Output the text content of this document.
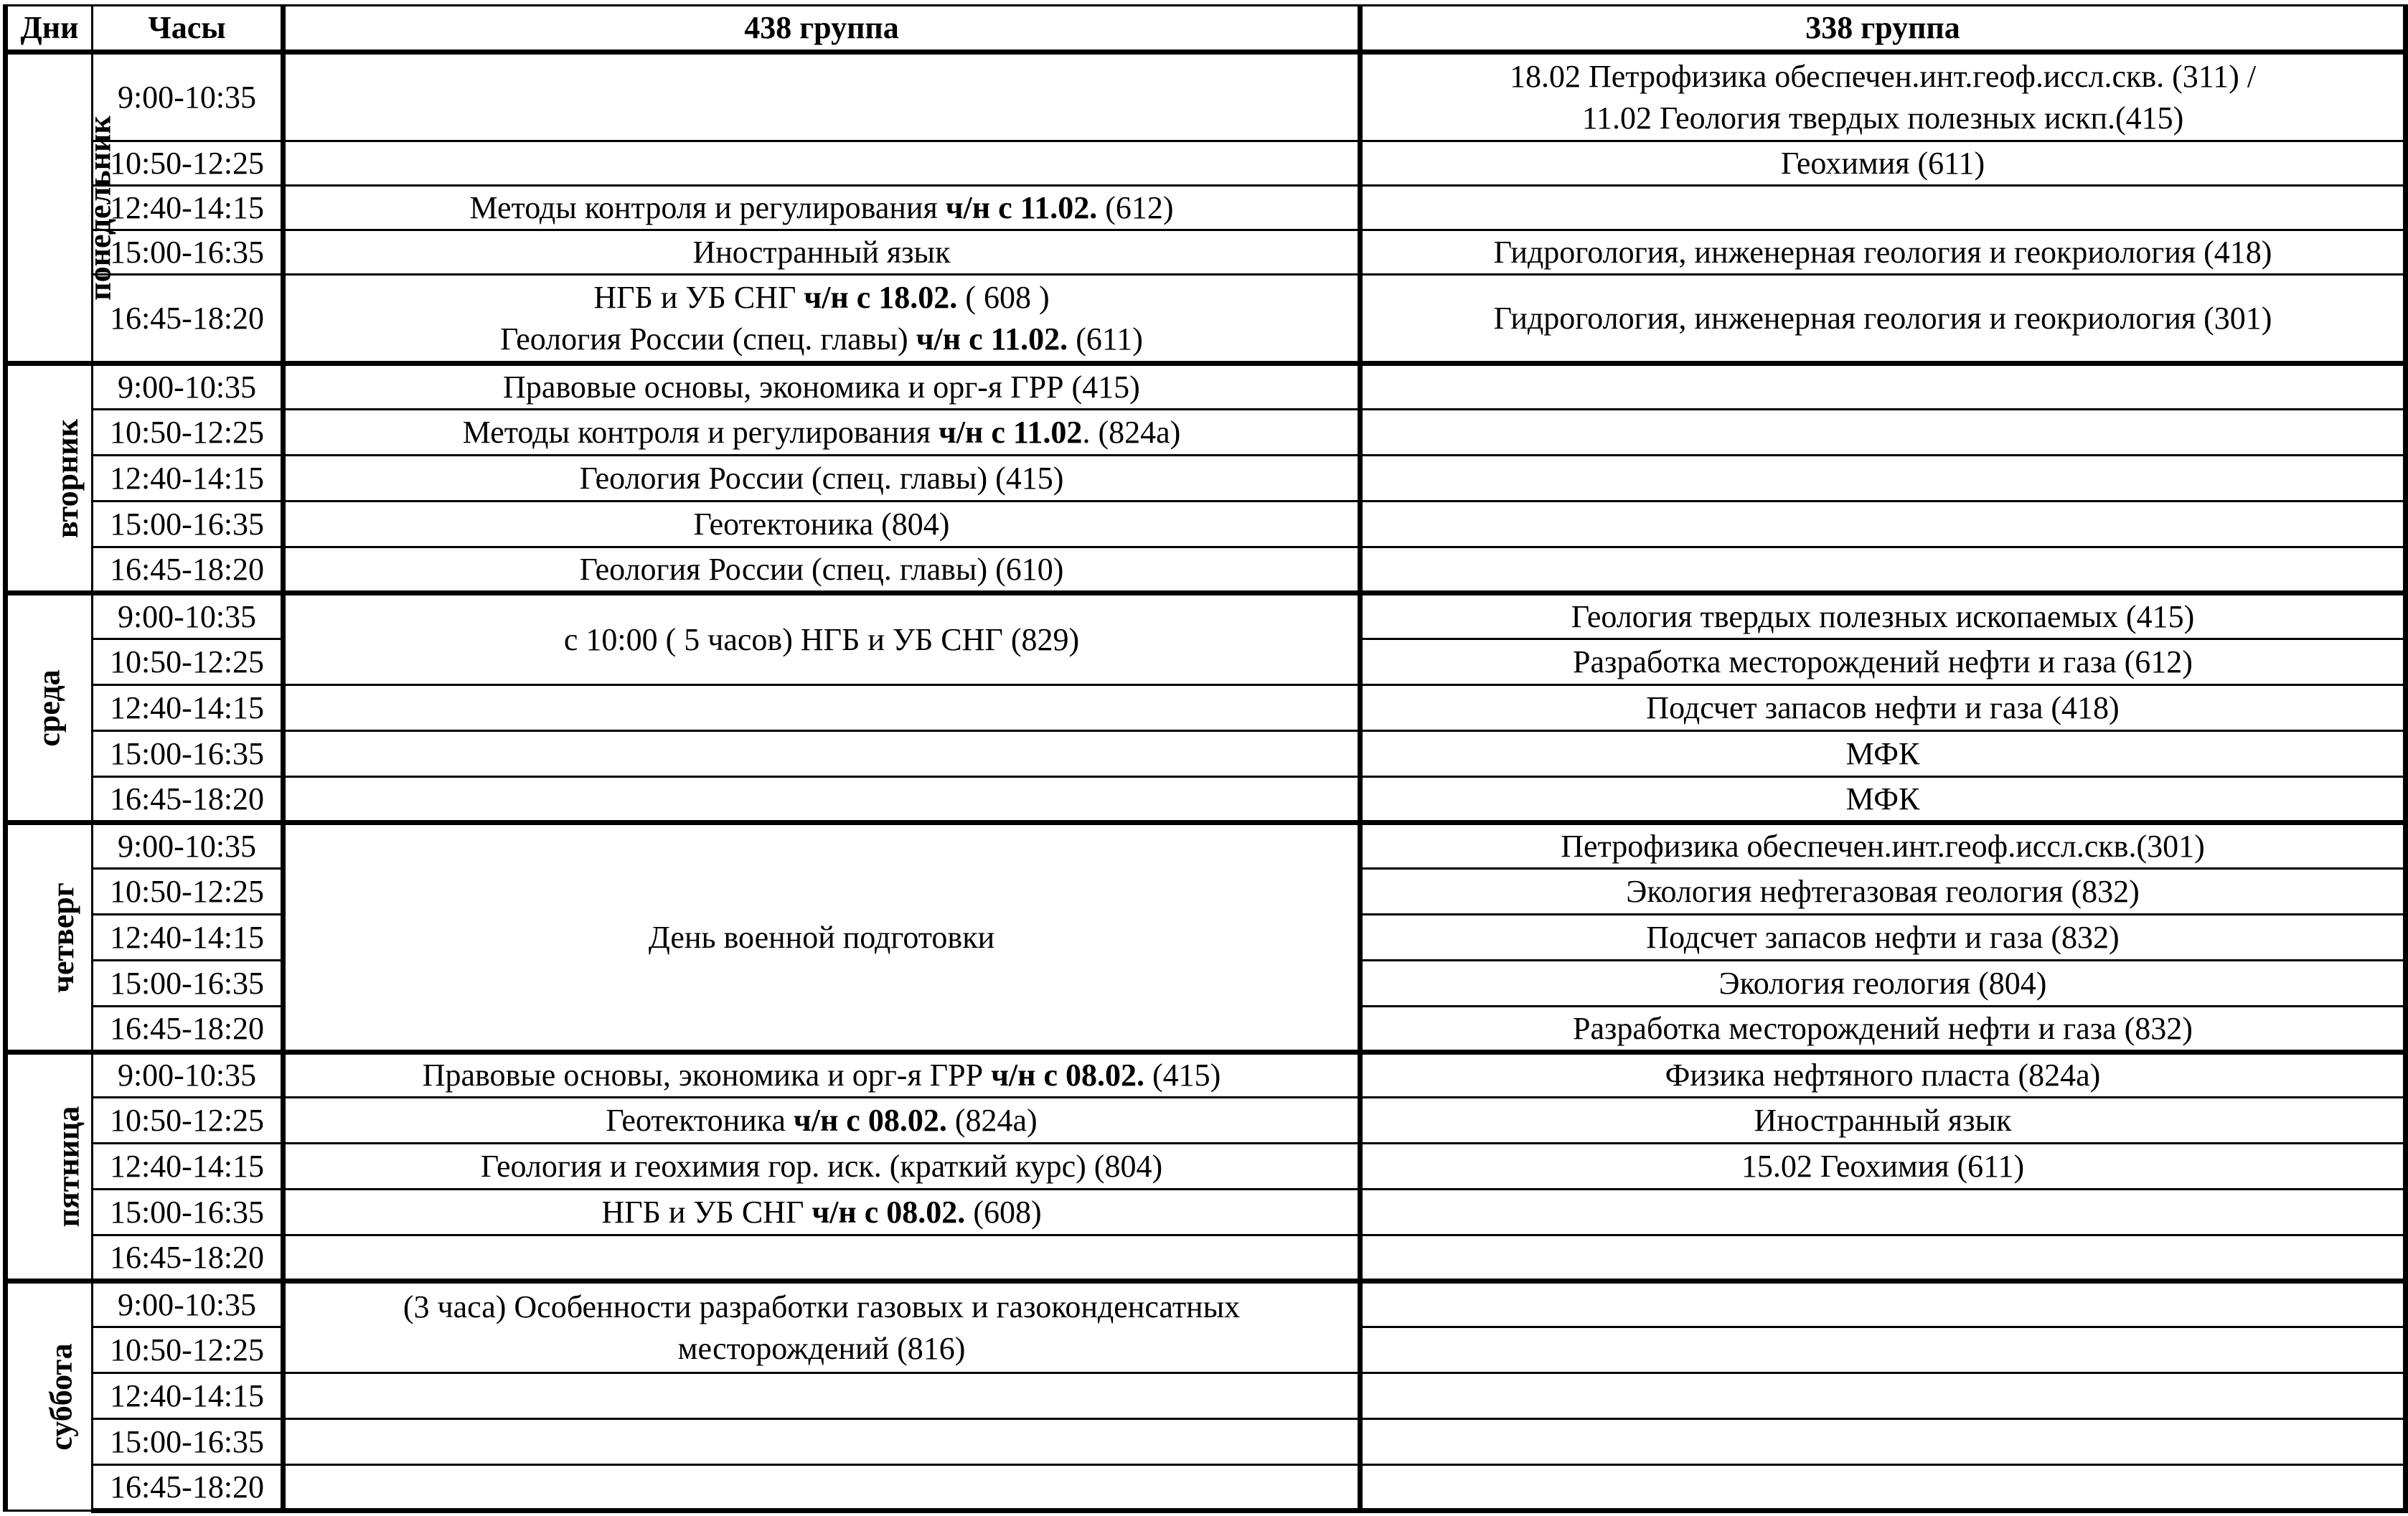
Дни	Часы	438 группа	338 группа
понедельник	9:00-10:35		18.02 Петрофизика обеспечен.инт.геоф.иссл.скв. (311) /
11.02 Геология твердых полезных искп.(415)

	10:50-12:25		Геохимия (611)
	12:40-14:15	Методы контроля и регулирования ч/н с 11.02. (612)	
	15:00-16:35	Иностранный язык	Гидрогология, инженерная геология и геокриология (418)
	16:45-18:20	НГБ и УБ СНГ ч/н с 18.02. ( 608 )
Геология России (спец. главы) ч/н с 11.02. (611)	Гидрогология, инженерная геология и геокриология (301)
вторник	9:00-10:35	Правовые основы, экономика и орг-я ГРР (415)	
	10:50-12:25	Методы контроля и регулирования ч/н с 11.02. (824а)	
	12:40-14:15	Геология России (спец. главы) (415)	
	15:00-16:35	Геотектоника (804)	
	16:45-18:20	Геология России (спец. главы) (610)	
среда	9:00-10:35	с 10:00 ( 5 часов) НГБ и УБ СНГ (829)	Геология твердых полезных ископаемых (415)
	10:50-12:25		Разработка месторождений нефти и газа (612)
	12:40-14:15		Подсчет запасов нефти и газа (418)
	15:00-16:35		МФК
	16:45-18:20		МФК
четверг	9:00-10:35	День военной подготовки	Петрофизика обеспечен.инт.геоф.иссл.скв.(301)
	10:50-12:25		Экология нефтегазовая геология (832)
	12:40-14:15		Подсчет запасов нефти и газа (832)
	15:00-16:35		Экология геология (804)
	16:45-18:20		Разработка месторождений нефти и газа (832)
пятница	9:00-10:35	Правовые основы, экономика и орг-я ГРР ч/н с 08.02. (415)	Физика нефтяного пласта (824а)
	10:50-12:25	Геотектоника ч/н с 08.02. (824а)	Иностранный язык
	12:40-14:15	Геология и геохимия гор. иск. (краткий курс) (804)	15.02 Геохимия (611)
	15:00-16:35	НГБ и УБ СНГ ч/н с 08.02. (608)	
	16:45-18:20		
суббота	9:00-10:35	(3 часа) Особенности разработки газовых и газоконденсатных
месторождений (816)	

	10:50-12:25		
	12:40-14:15		
	15:00-16:35		
	16:45-18:20		
